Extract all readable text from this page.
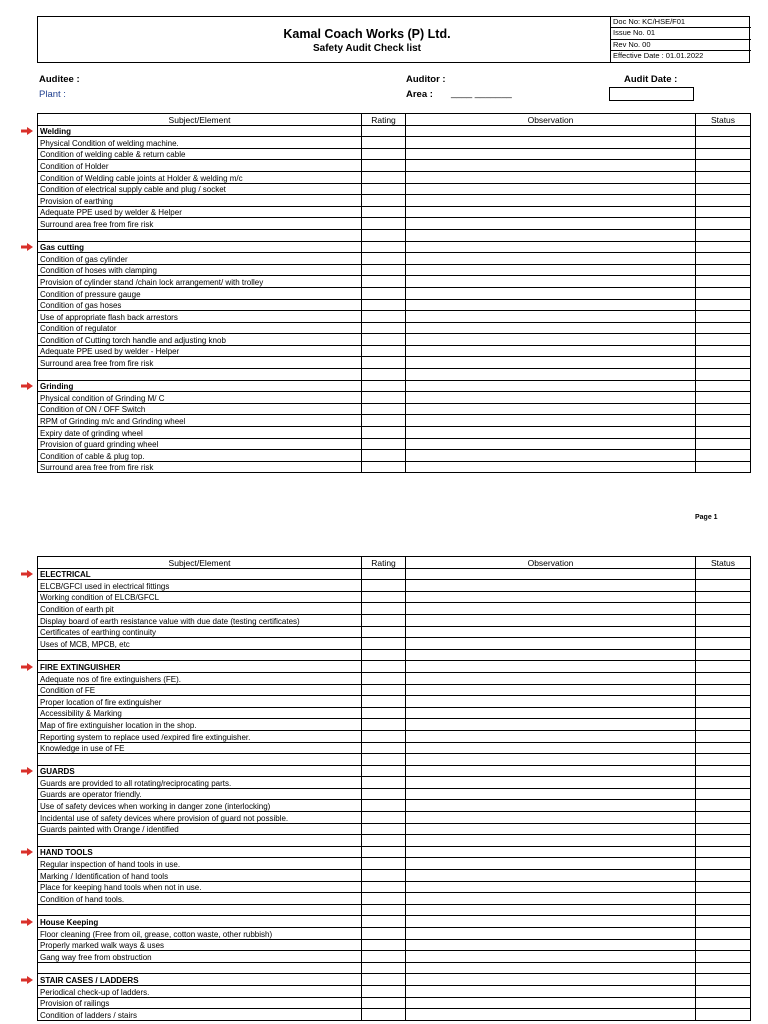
Kamal Coach Works (P) Ltd.
Safety Audit Check list
Doc No: KC/HSE/F01
Issue No. 01
Rev No. 00
Effective Date : 01.01.2022
Auditee :
Plant :
Auditor :
Area : ____ _______
Audit Date :
Subject/Element	Rating	Observation	Status
Welding			
Physical Condition of welding machine.			
Condition of welding cable & return cable			
Condition of Holder			
Condition of Welding cable joints at Holder & welding m/c			
Condition of electrical supply cable and plug / socket			
Provision of earthing			
Adequate PPE used by welder & Helper			
Surround area free from fire risk			

Gas cutting			
Condition of gas cylinder			
Condition of hoses with clamping			
Provision of cylinder stand /chain lock arrangement/ with trolley			
Condition of pressure gauge			
Condition of gas hoses			
Use of appropriate flash back arrestors			
Condition of regulator			
Condition of Cutting torch handle and adjusting knob			
Adequate PPE used by welder - Helper			
Surround area free from fire risk			

Grinding			
Physical condition of Grinding M/ C			
Condition of ON / OFF Switch			
RPM of Grinding m/c and Grinding wheel			
Expiry date of grinding wheel			
Provision of guard grinding wheel			
Condition of cable & plug top.			
Surround area free from fire risk			
Page 1
Subject/Element	Rating	Observation	Status
ELECTRICAL			
ELCB/GFCI used in electrical fittings			
Working condition of ELCB/GFCL			
Condition of earth pit			
Display board of earth resistance value with due date (testing certificates)			
Certificates of earthing continuity			
Uses of MCB, MPCB, etc			

FIRE EXTINGUISHER			
Adequate nos of fire extinguishers (FE).			
Condition of FE			
Proper location of fire extinguisher			
Accessibility & Marking			
Map of fire extinguisher location in the shop.			
Reporting system to replace used /expired fire extinguisher.			
Knowledge in use of FE			

GUARDS			
Guards are provided to all rotating/reciprocating parts.			
Guards are operator friendly.			
Use of safety devices when working in danger zone (interlocking)			
Incidental use of safety devices where provision of guard not possible.			
Guards painted with Orange / identified			

HAND TOOLS			
Regular inspection of hand tools in use.			
Marking / Identification of hand tools			
Place for keeping hand tools when not in use.			
Condition of hand tools.			

House Keeping			
Floor cleaning (Free from oil, grease, cotton waste, other rubbish)			
Properly marked walk ways & uses			
Gang way free from obstruction			

STAIR CASES / LADDERS			
Periodical check-up of ladders.			
Provision of railings			
Condition of ladders / stairs			
